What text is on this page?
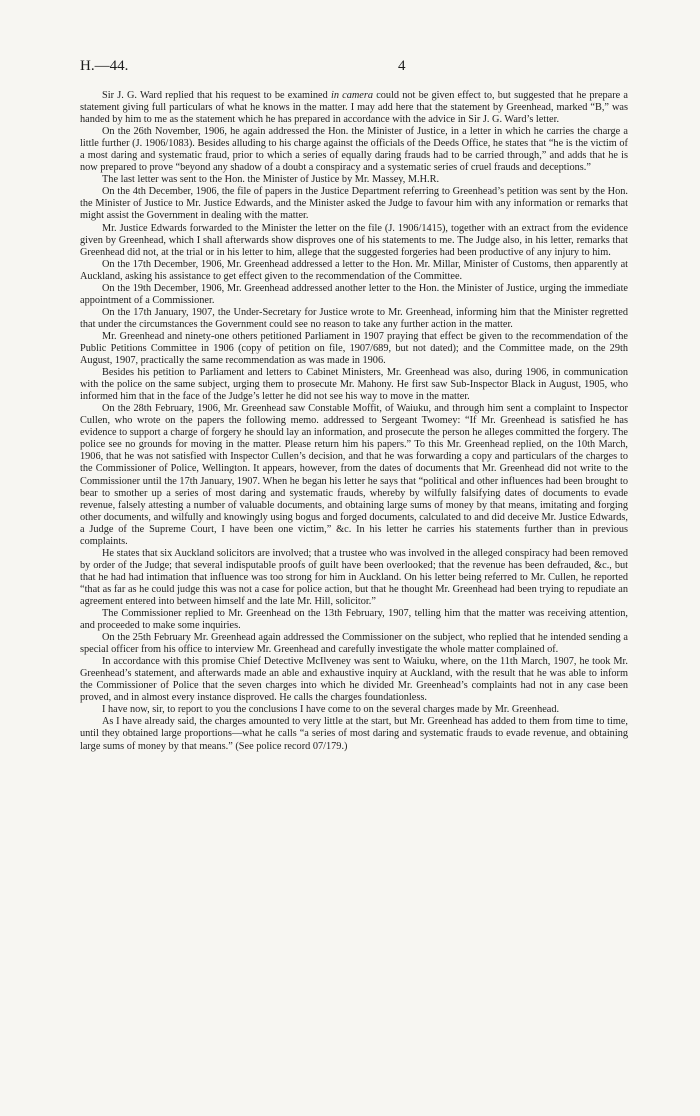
H.—44.	4

Sir J. G. Ward replied that his request to be examined in camera could not be given effect to, but suggested that he prepare a statement giving full particulars of what he knows in the matter. I may add here that the statement by Greenhead, marked “B,” was handed by him to me as the statement which he has prepared in accordance with the advice in Sir J. G. Ward’s letter.

On the 26th November, 1906, he again addressed the Hon. the Minister of Justice, in a letter in which he carries the charge a little further (J. 1906/1083). Besides alluding to his charge against the officials of the Deeds Office, he states that “he is the victim of a most daring and systematic fraud, prior to which a series of equally daring frauds had to be carried through,” and adds that he is now prepared to prove “beyond any shadow of a doubt a conspiracy and a systematic series of cruel frauds and deceptions.”

The last letter was sent to the Hon. the Minister of Justice by Mr. Massey, M.H.R.

On the 4th December, 1906, the file of papers in the Justice Department referring to Greenhead’s petition was sent by the Hon. the Minister of Justice to Mr. Justice Edwards, and the Minister asked the Judge to favour him with any information or remarks that might assist the Government in dealing with the matter.

Mr. Justice Edwards forwarded to the Minister the letter on the file (J. 1906/1415), together with an extract from the evidence given by Greenhead, which I shall afterwards show disproves one of his statements to me. The Judge also, in his letter, remarks that Greenhead did not, at the trial or in his letter to him, allege that the suggested forgeries had been productive of any injury to him.

On the 17th December, 1906, Mr. Greenhead addressed a letter to the Hon. Mr. Millar, Minister of Customs, then apparently at Auckland, asking his assistance to get effect given to the recommendation of the Committee.

On the 19th December, 1906, Mr. Greenhead addressed another letter to the Hon. the Minister of Justice, urging the immediate appointment of a Commissioner.

On the 17th January, 1907, the Under-Secretary for Justice wrote to Mr. Greenhead, informing him that the Minister regretted that under the circumstances the Government could see no reason to take any further action in the matter.

Mr. Greenhead and ninety-one others petitioned Parliament in 1907 praying that effect be given to the recommendation of the Public Petitions Committee in 1906 (copy of petition on file, 1907/689, but not dated); and the Committee made, on the 29th August, 1907, practically the same recommendation as was made in 1906.

Besides his petition to Parliament and letters to Cabinet Ministers, Mr. Greenhead was also, during 1906, in communication with the police on the same subject, urging them to prosecute Mr. Mahony. He first saw Sub-Inspector Black in August, 1905, who informed him that in the face of the Judge’s letter he did not see his way to move in the matter.

On the 28th February, 1906, Mr. Greenhead saw Constable Moffit, of Waiuku, and through him sent a complaint to Inspector Cullen, who wrote on the papers the following memo. addressed to Sergeant Twomey: “If Mr. Greenhead is satisfied he has evidence to support a charge of forgery he should lay an information, and prosecute the person he alleges committed the forgery. The police see no grounds for moving in the matter. Please return him his papers.” To this Mr. Greenhead replied, on the 10th March, 1906, that he was not satisfied with Inspector Cullen’s decision, and that he was forwarding a copy and particulars of the charges to the Commissioner of Police, Wellington. It appears, however, from the dates of documents that Mr. Greenhead did not write to the Commissioner until the 17th January, 1907. When he began his letter he says that “political and other influences had been brought to bear to smother up a series of most daring and systematic frauds, whereby by wilfully falsifying dates of documents to evade revenue, falsely attesting a number of valuable documents, and obtaining large sums of money by that means, imitating and forging other documents, and wilfully and knowingly using bogus and forged documents, calculated to and did deceive Mr. Justice Edwards, a Judge of the Supreme Court, I have been one victim,” &c. In his letter he carries his statements further than in previous complaints.

He states that six Auckland solicitors are involved; that a trustee who was involved in the alleged conspiracy had been removed by order of the Judge; that several indisputable proofs of guilt have been overlooked; that the revenue has been defrauded, &c., but that he had had intimation that influence was too strong for him in Auckland. On his letter being referred to Mr. Cullen, he reported “that as far as he could judge this was not a case for police action, but that he thought Mr. Greenhead had been trying to repudiate an agreement entered into between himself and the late Mr. Hill, solicitor.”

The Commissioner replied to Mr. Greenhead on the 13th February, 1907, telling him that the matter was receiving attention, and proceeded to make some inquiries.

On the 25th February Mr. Greenhead again addressed the Commissioner on the subject, who replied that he intended sending a special officer from his office to interview Mr. Greenhead and carefully investigate the whole matter complained of.

In accordance with this promise Chief Detective McIlveney was sent to Waiuku, where, on the 11th March, 1907, he took Mr. Greenhead’s statement, and afterwards made an able and exhaustive inquiry at Auckland, with the result that he was able to inform the Commissioner of Police that the seven charges into which he divided Mr. Greenhead’s complaints had not in any case been proved, and in almost every instance disproved. He calls the charges foundationless.

I have now, sir, to report to you the conclusions I have come to on the several charges made by Mr. Greenhead.

As I have already said, the charges amounted to very little at the start, but Mr. Greenhead has added to them from time to time, until they obtained large proportions—what he calls “a series of most daring and systematic frauds to evade revenue, and obtaining large sums of money by that means.” (See police record 07/179.)
